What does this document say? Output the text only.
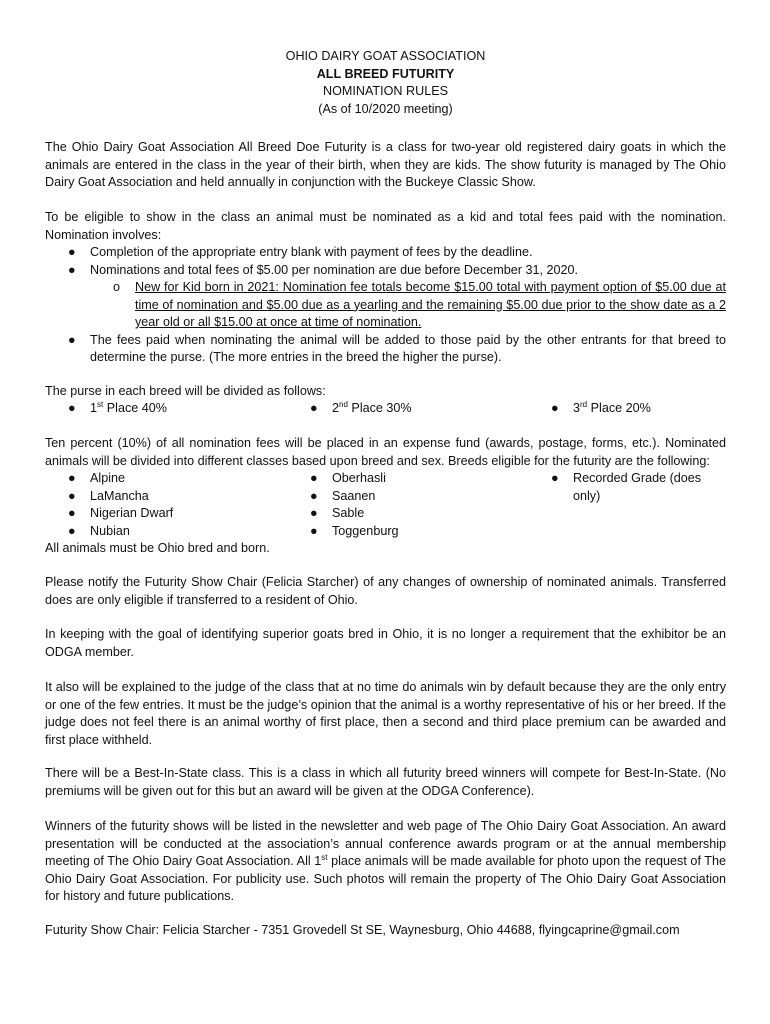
OHIO DAIRY GOAT ASSOCIATION
ALL BREED FUTURITY
NOMINATION RULES
(As of 10/2020 meeting)
The Ohio Dairy Goat Association All Breed Doe Futurity is a class for two-year old registered dairy goats in which the animals are entered in the class in the year of their birth, when they are kids. The show futurity is managed by The Ohio Dairy Goat Association and held annually in conjunction with the Buckeye Classic Show.
To be eligible to show in the class an animal must be nominated as a kid and total fees paid with the nomination. Nomination involves:
● Completion of the appropriate entry blank with payment of fees by the deadline.
● Nominations and total fees of $5.00 per nomination are due before December 31, 2020.
o New for Kid born in 2021: Nomination fee totals become $15.00 total with payment option of $5.00 due at time of nomination and $5.00 due as a yearling and the remaining $5.00 due prior to the show date as a 2 year old or all $15.00 at once at time of nomination.
● The fees paid when nominating the animal will be added to those paid by the other entrants for that breed to determine the purse. (The more entries in the breed the higher the purse).
The purse in each breed will be divided as follows:
● 1st Place 40%	● 2nd Place 30%	● 3rd Place 20%
Ten percent (10%) of all nomination fees will be placed in an expense fund (awards, postage, forms, etc.). Nominated animals will be divided into different classes based upon breed and sex. Breeds eligible for the futurity are the following:
● Alpine
● LaMancha
● Nigerian Dwarf
● Nubian
● Oberhasli
● Saanen
● Sable
● Toggenburg
● Recorded Grade (does
only)
All animals must be Ohio bred and born.
Please notify the Futurity Show Chair (Felicia Starcher) of any changes of ownership of nominated animals. Transferred does are only eligible if transferred to a resident of Ohio.
In keeping with the goal of identifying superior goats bred in Ohio, it is no longer a requirement that the exhibitor be an ODGA member.
It also will be explained to the judge of the class that at no time do animals win by default because they are the only entry or one of the few entries. It must be the judge’s opinion that the animal is a worthy representative of his or her breed. If the judge does not feel there is an animal worthy of first place, then a second and third place premium can be awarded and first place withheld.
There will be a Best-In-State class. This is a class in which all futurity breed winners will compete for Best-In-State. (No premiums will be given out for this but an award will be given at the ODGA Conference).
Winners of the futurity shows will be listed in the newsletter and web page of The Ohio Dairy Goat Association. An award presentation will be conducted at the association’s annual conference awards program or at the annual membership meeting of The Ohio Dairy Goat Association. All 1st place animals will be made available for photo upon the request of The Ohio Dairy Goat Association. For publicity use. Such photos will remain the property of The Ohio Dairy Goat Association for history and future publications.
Futurity Show Chair: Felicia Starcher - 7351 Grovedell St SE, Waynesburg, Ohio 44688, flyingcaprine@gmail.com
